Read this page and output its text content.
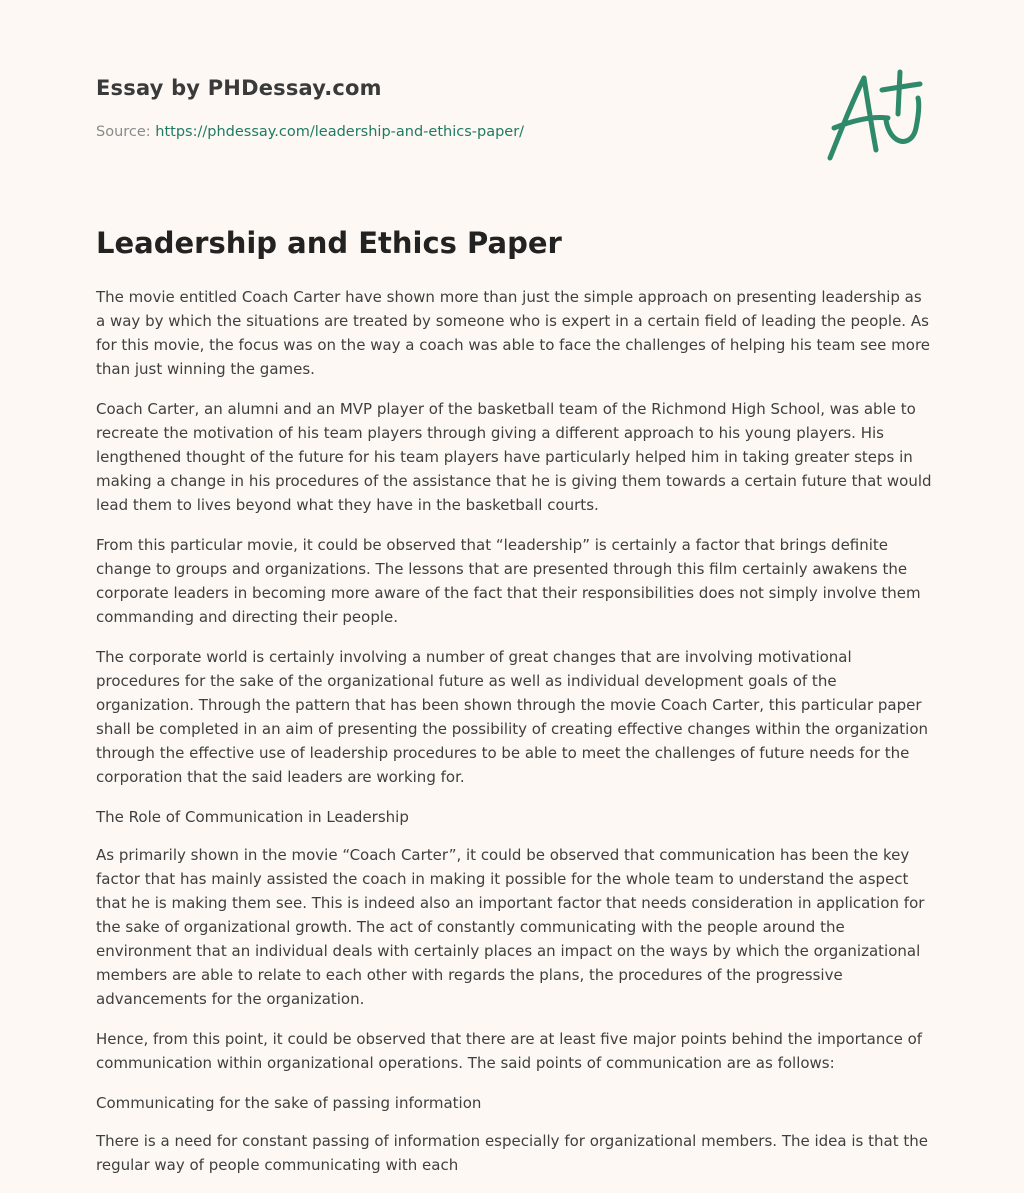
Essay by PHDessay.com
Source: https://phdessay.com/leadership-and-ethics-paper/
Leadership and Ethics Paper

The movie entitled Coach Carter have shown more than just the simple approach on presenting leadership as a way by which the situations are treated by someone who is expert in a certain field of leading the people. As for this movie, the focus was on the way a coach was able to face the challenges of helping his team see more than just winning the games.

Coach Carter, an alumni and an MVP player of the basketball team of the Richmond High School, was able to recreate the motivation of his team players through giving a different approach to his young players. His lengthened thought of the future for his team players have particularly helped him in taking greater steps in making a change in his procedures of the assistance that he is giving them towards a certain future that would lead them to lives beyond what they have in the basketball courts.

From this particular movie, it could be observed that “leadership” is certainly a factor that brings definite change to groups and organizations. The lessons that are presented through this film certainly awakens the corporate leaders in becoming more aware of the fact that their responsibilities does not simply involve them commanding and directing their people.

The corporate world is certainly involving a number of great changes that are involving motivational procedures for the sake of the organizational future as well as individual development goals of the organization. Through the pattern that has been shown through the movie Coach Carter, this particular paper shall be completed in an aim of presenting the possibility of creating effective changes within the organization through the effective use of leadership procedures to be able to meet the challenges of future needs for the corporation that the said leaders are working for.

The Role of Communication in Leadership

As primarily shown in the movie “Coach Carter”, it could be observed that communication has been the key factor that has mainly assisted the coach in making it possible for the whole team to understand the aspect that he is making them see. This is indeed also an important factor that needs consideration in application for the sake of organizational growth. The act of constantly communicating with the people around the environment that an individual deals with certainly places an impact on the ways by which the organizational members are able to relate to each other with regards the plans, the procedures of the progressive advancements for the organization.

Hence, from this point, it could be observed that there are at least five major points behind the importance of communication within organizational operations. The said points of communication are as follows:

Communicating for the sake of passing information

There is a need for constant passing of information especially for organizational members. The idea is that the regular way of people communicating with each
